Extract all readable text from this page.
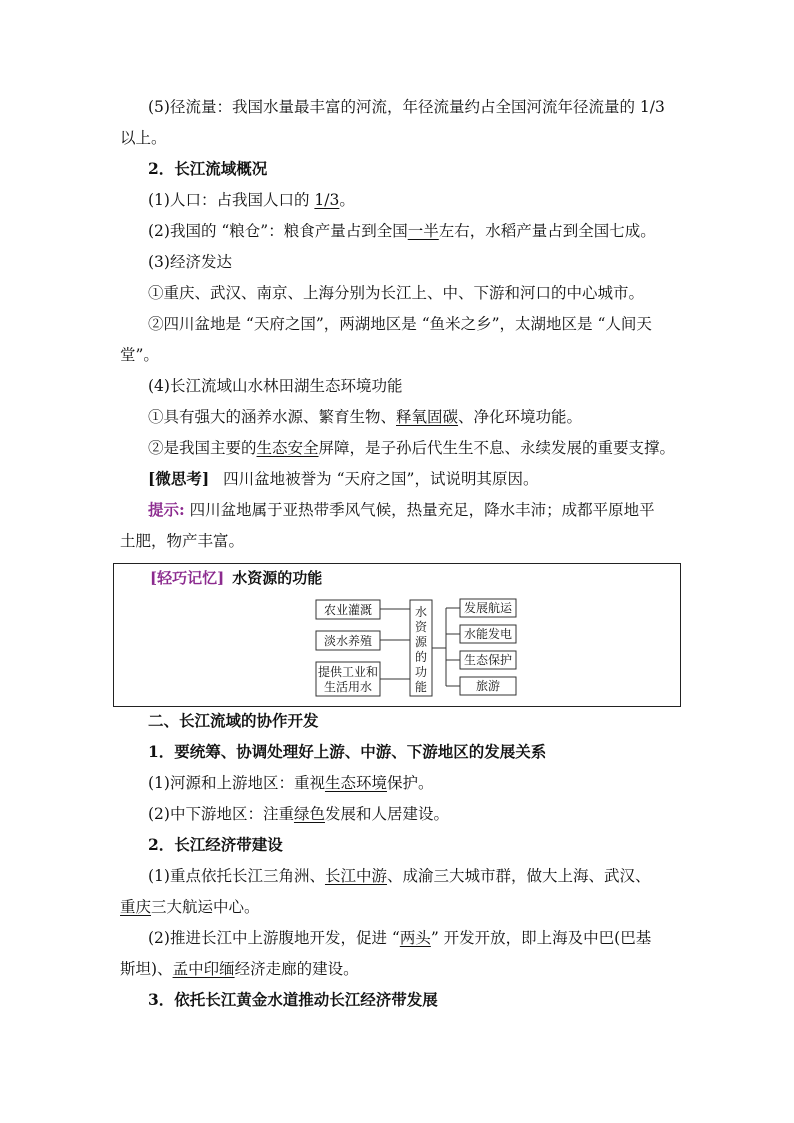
(5)径流量：我国水量最丰富的河流，年径流量约占全国河流年径流量的 1/3
以上。
2．长江流域概况
(1)人口：占我国人口的 1/3。
(2)我国的 “粮仓”：粮食产量占到全国一半左右，水稻产量占到全国七成。
(3)经济发达
①重庆、武汉、南京、上海分别为长江上、中、下游和河口的中心城市。
②四川盆地是 “天府之国”，两湖地区是 “鱼米之乡”，太湖地区是 “人间天
堂”。
(4)长江流域山水林田湖生态环境功能
①具有强大的涵养水源、繁育生物、释氧固碳、净化环境功能。
②是我国主要的生态安全屏障，是子孙后代生生不息、永续发展的重要支撑。
[微思考] 四川盆地被誉为 “天府之国”，试说明其原因。
提示: 四川盆地属于亚热带季风气候，热量充足，降水丰沛；成都平原地平
土肥，物产丰富。
[轻巧记忆] 水资源的功能
农业灌溉
淡水养殖
提供工业和
生活用水
水
资
源
的
功
能
发展航运
水能发电
生态保护
旅游
二、长江流域的协作开发
1．要统筹、协调处理好上游、中游、下游地区的发展关系
(1)河源和上游地区：重视生态环境保护。
(2)中下游地区：注重绿色发展和人居建设。
2．长江经济带建设
(1)重点依托长江三角洲、长江中游、成渝三大城市群，做大上海、武汉、
重庆三大航运中心。
(2)推进长江中上游腹地开发，促进 “两头” 开发开放，即上海及中巴(巴基
斯坦)、孟中印缅经济走廊的建设。
3．依托长江黄金水道推动长江经济带发展
